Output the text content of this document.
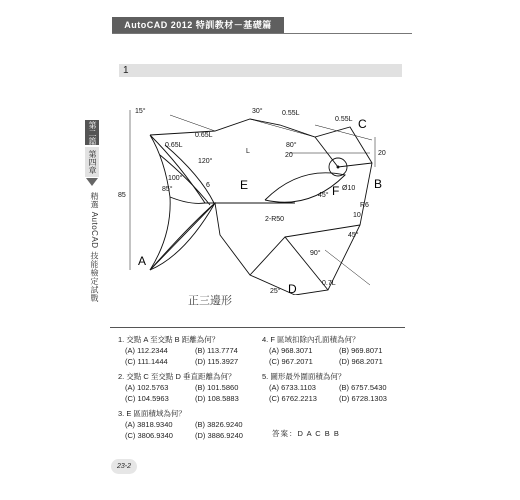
AutoCAD 2012 特訓教材－基礎篇
第二篇
第四章
精選 AutoCAD 技能檢定試戰
1
15°
0.65L
30°	0.55L
0.55L
0.65L	80°
L
120°
6
100°
85°
20	20
Ø10
45°
R6
10
2-R50
85
45°
90°
0.7L
25°
A
B
C
D
E	F
正三邊形
1. 交點 A 至交點 B 距離為何？
(A) 112.2344	(B) 113.7774
(C) 111.1444	(D) 115.3927
2. 交點 C 至交點 D 垂直距離為何？
(A) 102.5763	(B) 101.5860
(C) 104.5963	(D) 108.5883
3. E 區面積域為何？
(A) 3818.9340	(B) 3826.9240
(C) 3806.9340	(D) 3886.9240
4. F 區域扣除內孔面積為何？
(A) 968.3071	(B) 969.8071
(C) 967.2071	(D) 968.2071
5. 圖形最外圍面積為何？
(A) 6733.1103	(B) 6757.5430
(C) 6762.2213	(D) 6728.1303
答案：D A C B B
23-2
